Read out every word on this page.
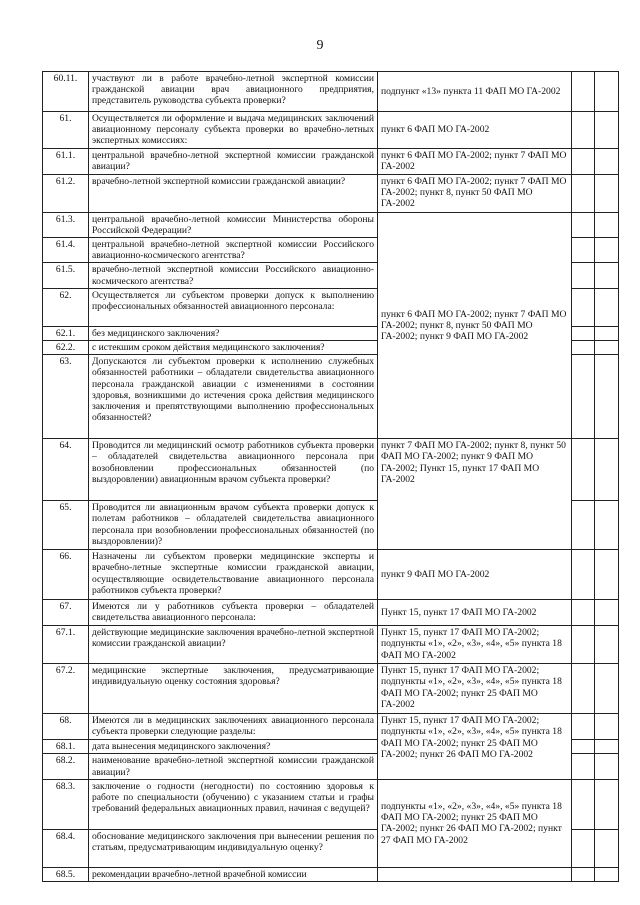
9
60.11.	участвуют ли в работе врачебно-летной экспертной комиссии гражданской авиации врач авиационного предприятия, представитель руководства субъекта проверки?	подпункт «13» пункта 11 ФАП МО ГА-2002		
61.	Осуществляется ли оформление и выдача медицинских заключений авиационному персоналу субъекта проверки во врачебно-летных экспертных комиссиях:	пункт 6 ФАП МО ГА-2002		
61.1.	центральной врачебно-летной экспертной комиссии гражданской авиации?	пункт 6 ФАП МО ГА-2002; пункт 7 ФАП МО ГА-2002		
61.2.	врачебно-летной экспертной комиссии гражданской авиации?	пункт 6 ФАП МО ГА-2002; пункт 7 ФАП МО ГА-2002; пункт 8, пункт 50 ФАП МО ГА-2002		
61.3.	центральной врачебно-летной комиссии Министерства обороны Российской Федерации?	пункт 6 ФАП МО ГА-2002; пункт 7 ФАП МО ГА-2002; пункт 8, пункт 50 ФАП МО ГА-2002; пункт 9 ФАП МО ГА-2002		
61.4.	центральной врачебно-летной экспертной комиссии Российского авиационно-космического агентства?			
61.5.	врачебно-летной экспертной комиссии Российского авиационно-космического агентства?			
62.	Осуществляется ли субъектом проверки допуск к выполнению профессиональных обязанностей авиационного персонала:			
62.1.	без медицинского заключения?			
62.2.	с истекшим сроком действия медицинского заключения?			
63.	Допускаются ли субъектом проверки к исполнению служебных обязанностей работники – обладатели свидетельства авиационного персонала гражданской авиации с изменениями в состоянии здоровья, возникшими до истечения срока действия медицинского заключения и препятствующими выполнению профессиональных обязанностей?			
64.	Проводится ли медицинский осмотр работников субъекта проверки – обладателей свидетельства авиационного персонала при возобновлении профессиональных обязанностей (по выздоровлении) авиационным врачом субъекта проверки?	пункт 7 ФАП МО ГА-2002; пункт 8, пункт 50 ФАП МО ГА-2002; пункт 9 ФАП МО ГА-2002; Пункт 15, пункт 17 ФАП МО ГА-2002		
65.	Проводится ли авиационным врачом субъекта проверки допуск к полетам работников – обладателей свидетельства авиационного персонала при возобновлении профессиональных обязанностей (по выздоровлении)?			
66.	Назначены ли субъектом проверки медицинские эксперты и врачебно-летные экспертные комиссии гражданской авиации, осуществляющие освидетельствование авиационного персонала работников субъекта проверки?	пункт 9 ФАП МО ГА-2002		
67.	Имеются ли у работников субъекта проверки – обладателей свидетельства авиационного персонала:	Пункт 15, пункт 17 ФАП МО ГА-2002		
67.1.	действующие медицинские заключения врачебно-летной экспертной комиссии гражданской авиации?	Пункт 15, пункт 17 ФАП МО ГА-2002; подпункты «1», «2», «3», «4», «5» пункта 18 ФАП МО ГА-2002		
67.2.	медицинские экспертные заключения, предусматривающие индивидуальную оценку состояния здоровья?	Пункт 15, пункт 17 ФАП МО ГА-2002; подпункты «1», «2», «3», «4», «5» пункта 18 ФАП МО ГА-2002; пункт 25 ФАП МО ГА-2002		
68.	Имеются ли в медицинских заключениях авиационного персонала субъекта проверки следующие разделы:	Пункт 15, пункт 17 ФАП МО ГА-2002; подпункты «1», «2», «3», «4», «5» пункта 18 ФАП МО ГА-2002; пункт 25 ФАП МО ГА-2002; пункт 26 ФАП МО ГА-2002		
68.1.	дата вынесения медицинского заключения?			
68.2.	наименование врачебно-летной экспертной комиссии гражданской авиации?			
68.3.	заключение о годности (негодности) по состоянию здоровья к работе по специальности (обучению) с указанием статьи и графы требований федеральных авиационных правил, начиная с ведущей?	подпункты «1», «2», «3», «4», «5» пункта 18 ФАП МО ГА-2002; пункт 25 ФАП МО ГА-2002; пункт 26 ФАП МО ГА-2002; пункт 27 ФАП МО ГА-2002		
68.4.	обоснование медицинского заключения при вынесении решения по статьям, предусматривающим индивидуальную оценку?			
68.5.	рекомендации врачебно-летной врачебной комиссии			
